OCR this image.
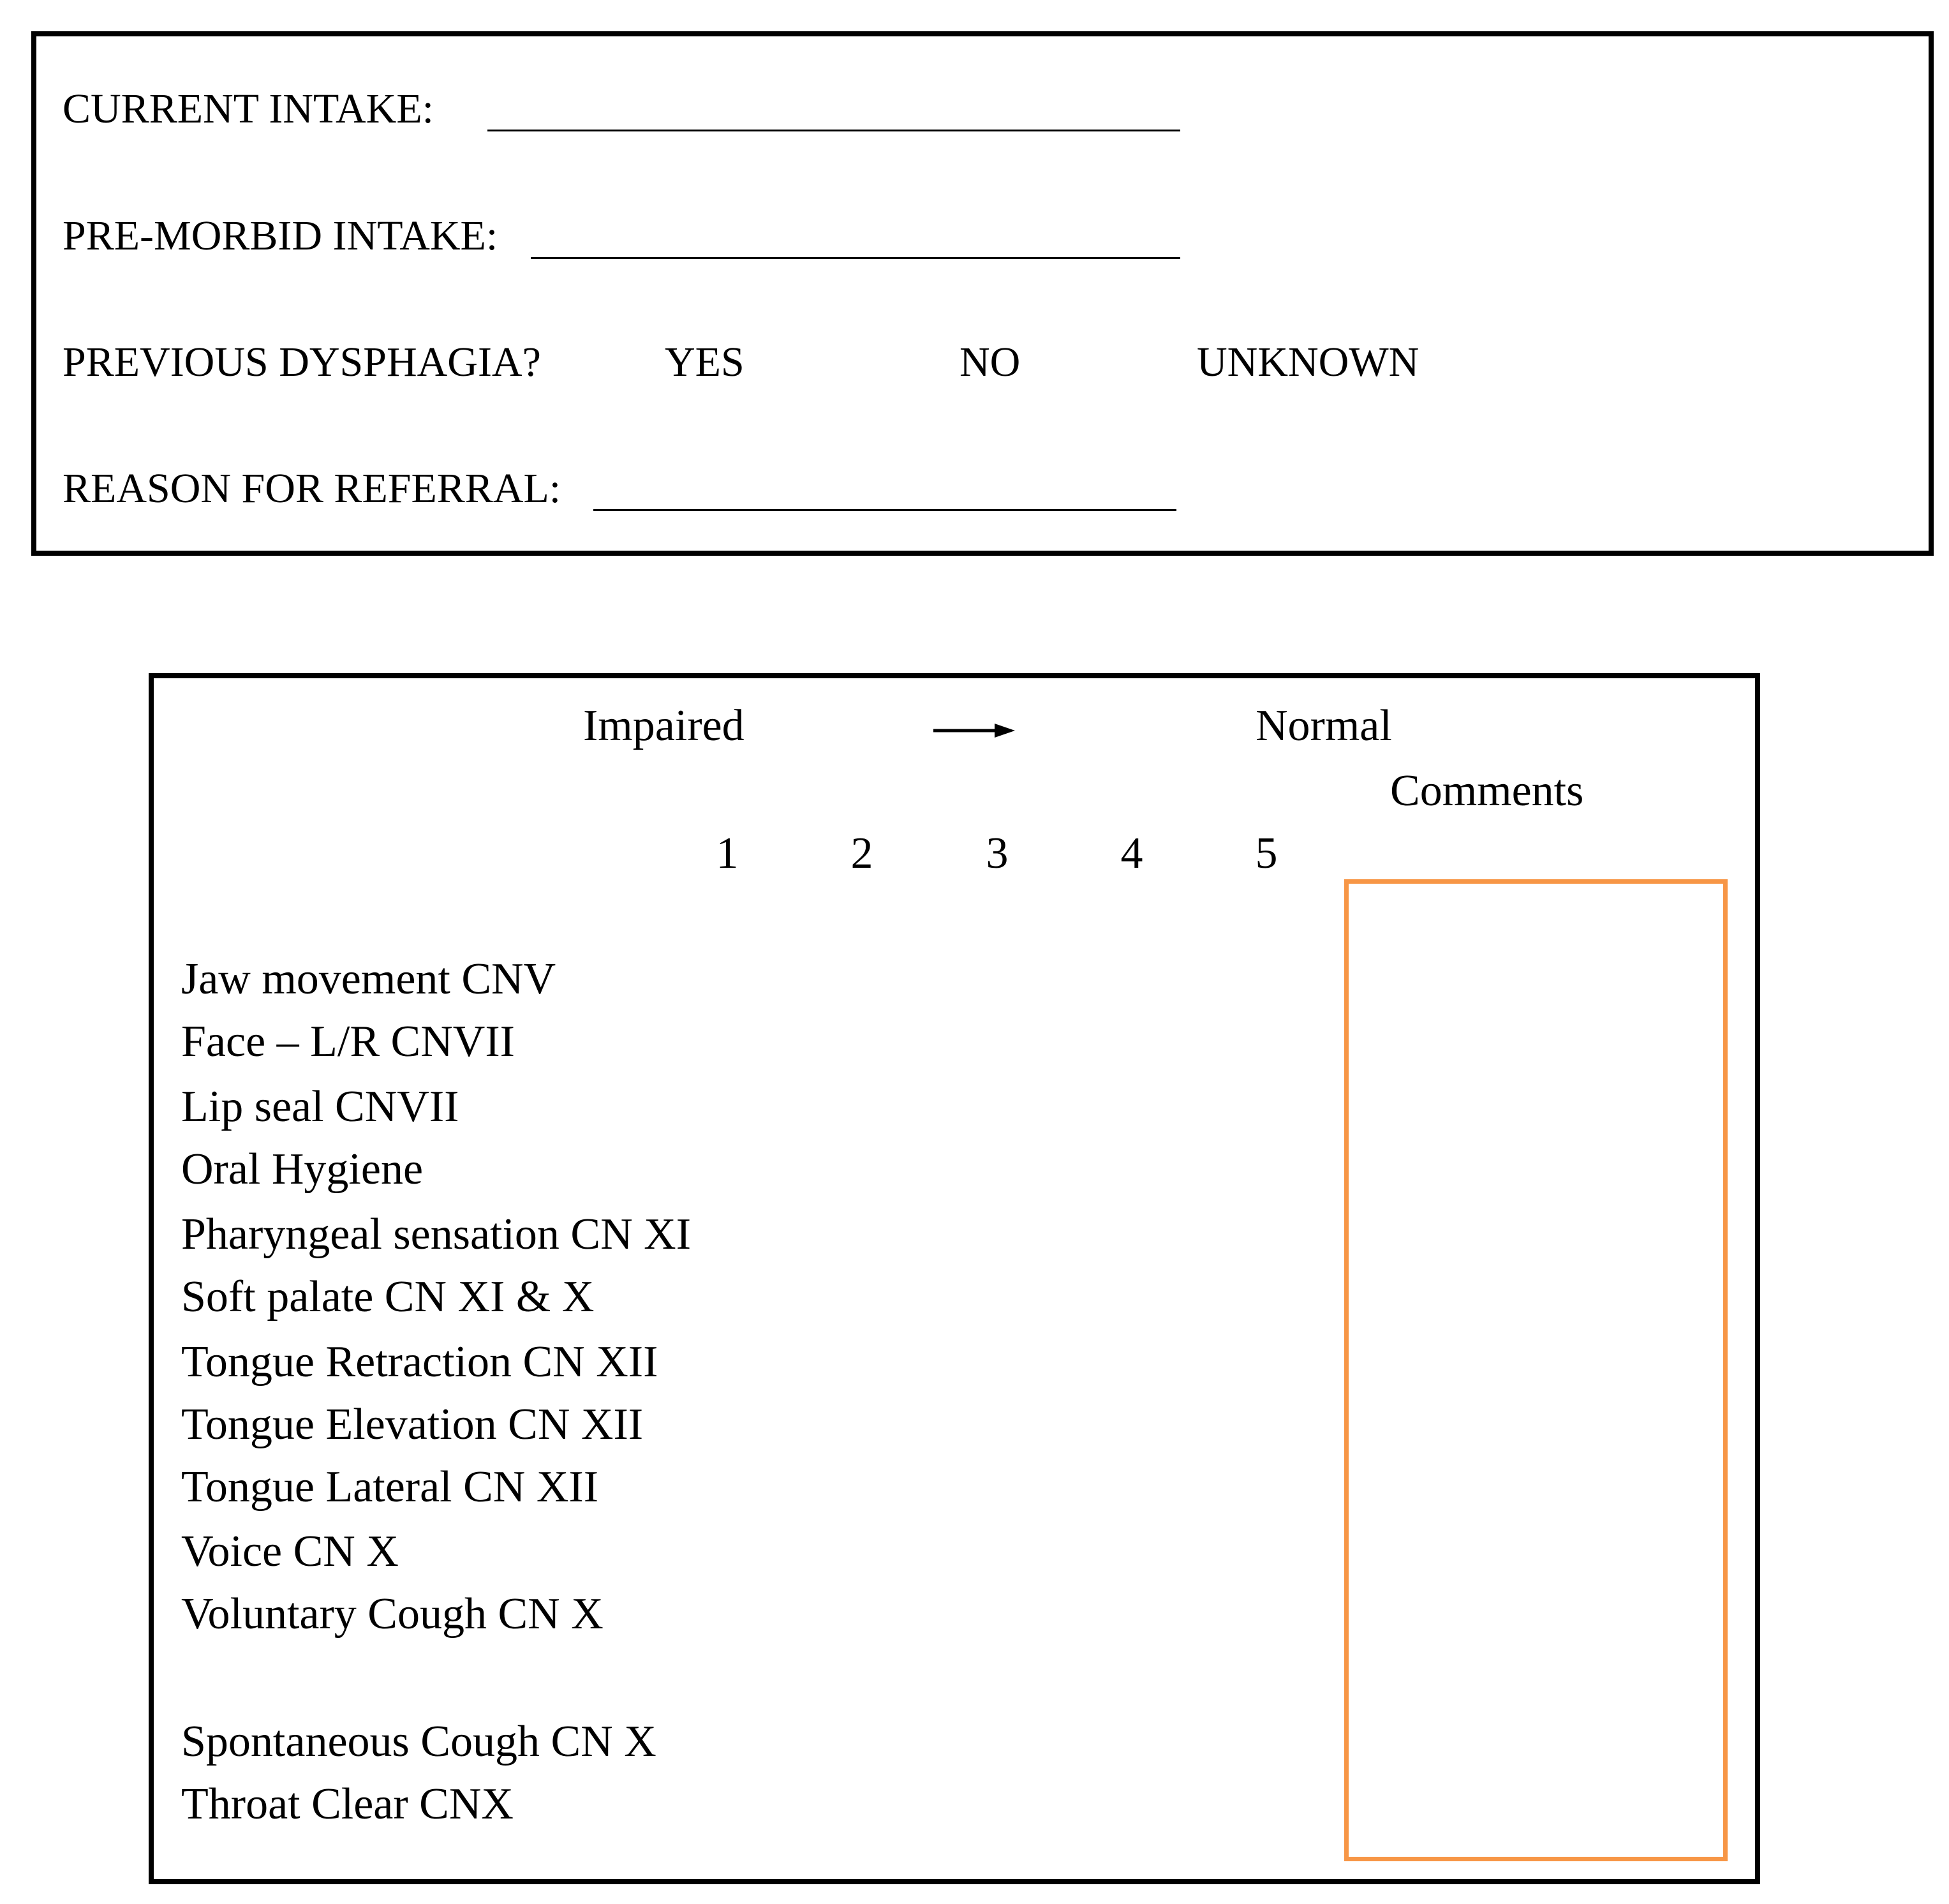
CURRENT INTAKE:
PRE-MORBID INTAKE:
PREVIOUS DYSPHAGIA?	YES	NO	UNKNOWN
REASON FOR REFERRAL:
Impaired	Normal
Comments
1	2	3	4	5
Jaw movement CNV
Face – L/R CNVII
Lip seal CNVII
Oral Hygiene
Pharyngeal sensation CN XI
Soft palate CN XI & X
Tongue Retraction CN XII
Tongue Elevation CN XII
Tongue Lateral CN XII
Voice CN X
Voluntary Cough CN X
Spontaneous Cough CN X
Throat Clear CNX
